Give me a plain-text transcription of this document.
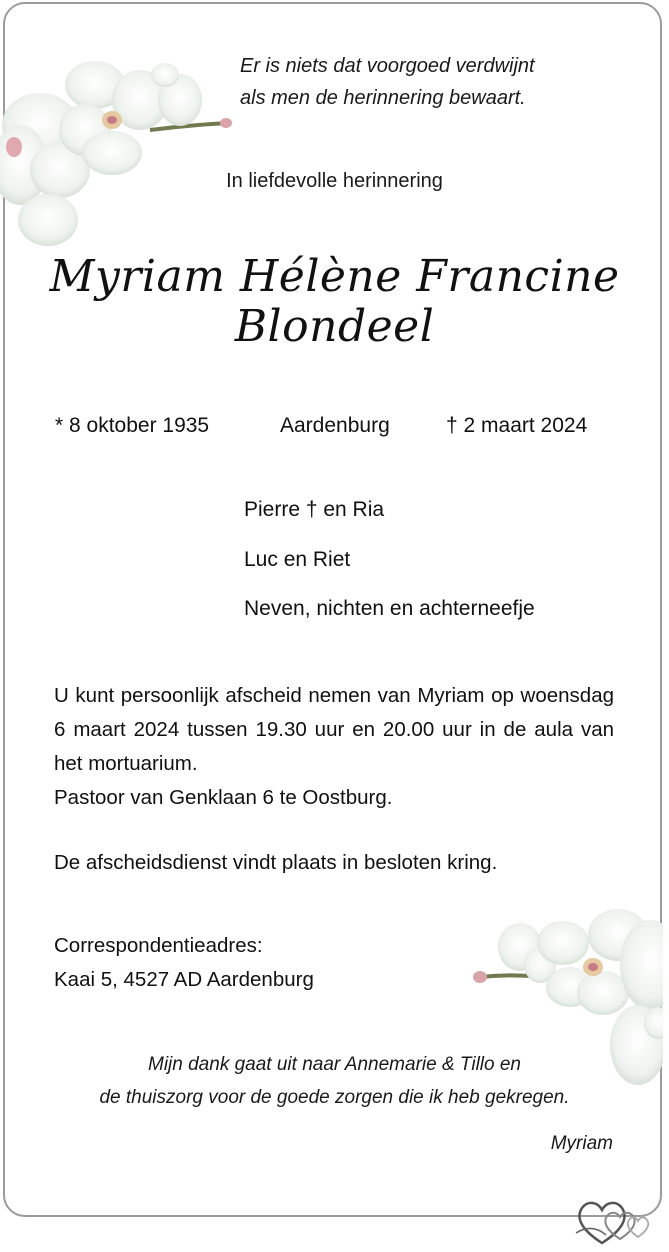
Er is niets dat voorgoed verdwijnt
als men de herinnering bewaart.
In liefdevolle herinnering
Myriam Hélène Francine
Blondeel
* 8 oktober 1935	Aardenburg	† 2 maart 2024
Pierre † en Ria
Luc en Riet
Neven, nichten en achterneefje
U kunt persoonlijk afscheid nemen van Myriam op woensdag 6 maart 2024 tussen 19.30 uur en 20.00 uur in de aula van het mortuarium.
Pastoor van Genklaan 6 te Oostburg.
De afscheidsdienst vindt plaats in besloten kring.
Correspondentieadres:
Kaai 5, 4527 AD Aardenburg
Mijn dank gaat uit naar Annemarie & Tillo en
de thuiszorg voor de goede zorgen die ik heb gekregen.
Myriam
